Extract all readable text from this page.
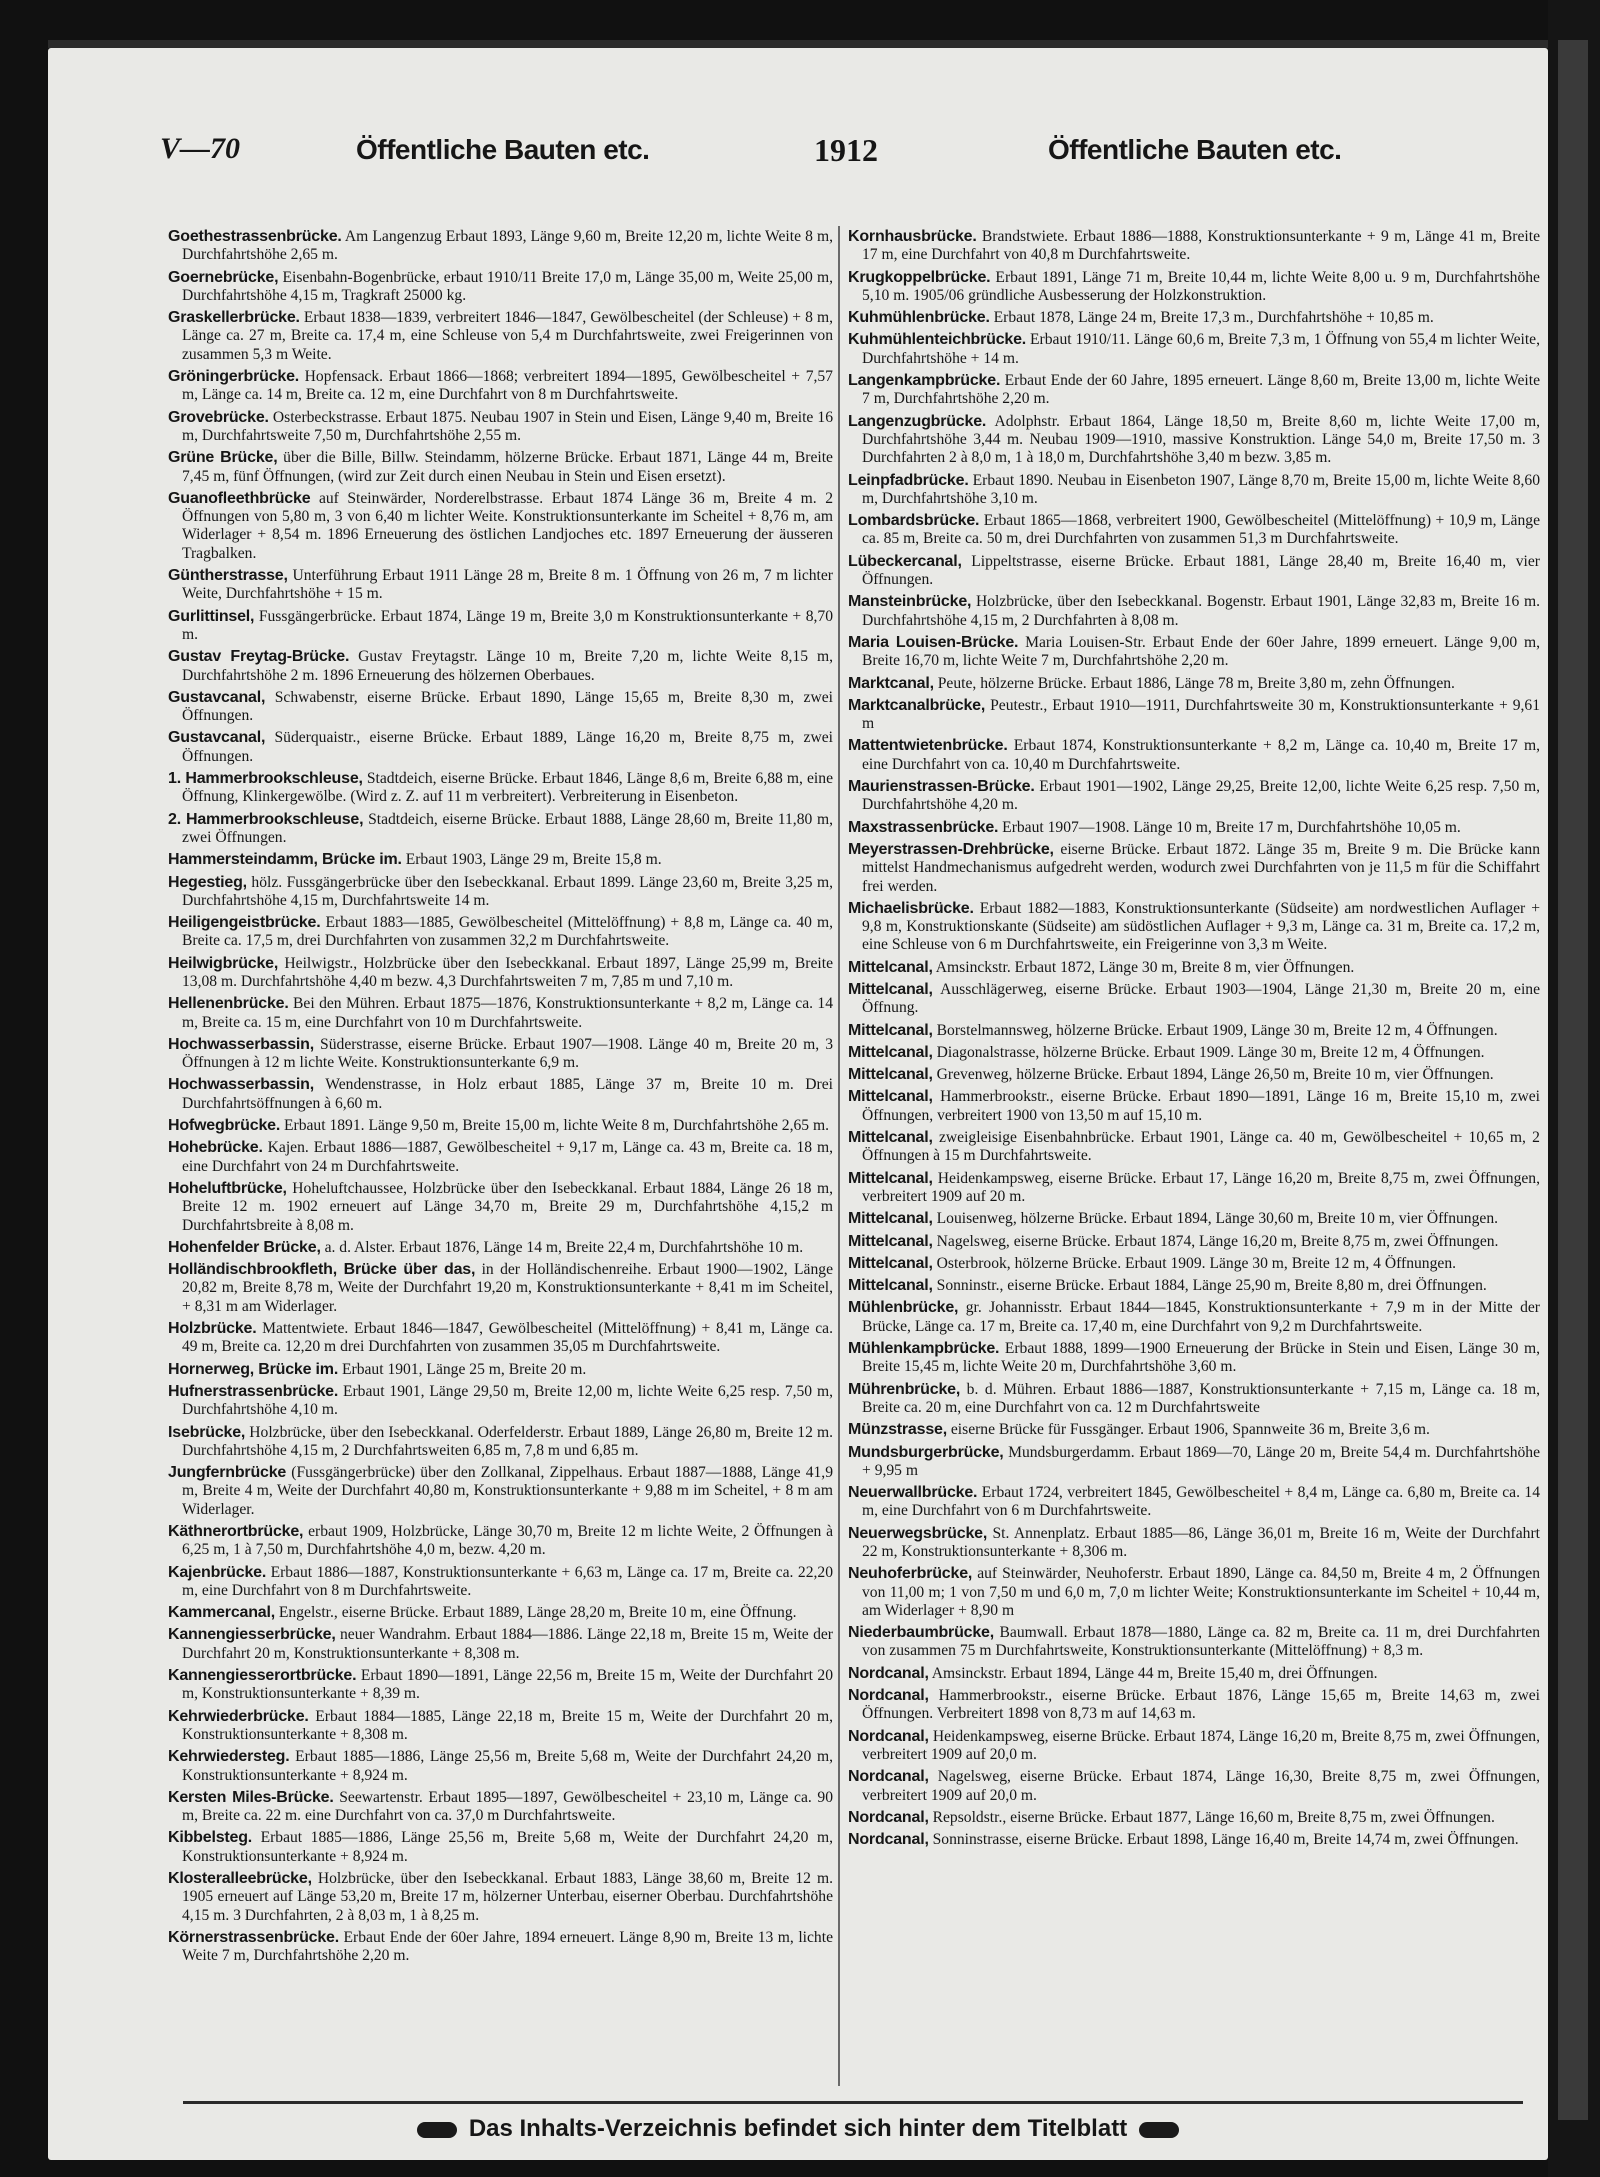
V—70	Öffentliche Bauten etc.	1912	Öffentliche Bauten etc.

Goethestrassenbrücke. Am Langenzug Erbaut 1893, Länge 9,60 m, Breite 12,20 m, lichte Weite 8 m, Durchfahrtshöhe 2,65 m.

Goernebrücke, Eisenbahn-Bogenbrücke, erbaut 1910/11 Breite 17,0 m, Länge 35,00 m, Weite 25,00 m, Durchfahrtshöhe 4,15 m, Tragkraft 25000 kg.

Graskellerbrücke. Erbaut 1838—1839, verbreitert 1846—1847, Gewölbescheitel (der Schleuse) + 8 m, Länge ca. 27 m, Breite ca. 17,4 m, eine Schleuse von 5,4 m Durchfahrtsweite, zwei Freigerinnen von zusammen 5,3 m Weite.

Gröningerbrücke. Hopfensack. Erbaut 1866—1868; verbreitert 1894—1895, Gewölbescheitel + 7,57 m, Länge ca. 14 m, Breite ca. 12 m, eine Durchfahrt von 8 m Durchfahrtsweite.

Grovebrücke. Osterbeckstrasse. Erbaut 1875. Neubau 1907 in Stein und Eisen, Länge 9,40 m, Breite 16 m, Durchfahrtsweite 7,50 m, Durchfahrtshöhe 2,55 m.

Grüne Brücke, über die Bille, Billw. Steindamm, hölzerne Brücke. Erbaut 1871, Länge 44 m, Breite 7,45 m, fünf Öffnungen, (wird zur Zeit durch einen Neubau in Stein und Eisen ersetzt).

Guanofleethbrücke auf Steinwärder, Norderelbstrasse. Erbaut 1874 Länge 36 m, Breite 4 m. 2 Öffnungen von 5,80 m, 3 von 6,40 m lichter Weite. Konstruktionsunterkante im Scheitel + 8,76 m, am Widerlager + 8,54 m. 1896 Erneuerung des östlichen Landjoches etc. 1897 Erneuerung der äusseren Tragbalken.

Güntherstrasse, Unterführung Erbaut 1911 Länge 28 m, Breite 8 m. 1 Öffnung von 26 m, 7 m lichter Weite, Durchfahrtshöhe + 15 m.

Gurlittinsel, Fussgängerbrücke. Erbaut 1874, Länge 19 m, Breite 3,0 m Konstruktionsunterkante + 8,70 m.

Gustav Freytag-Brücke. Gustav Freytagstr. Länge 10 m, Breite 7,20 m, lichte Weite 8,15 m, Durchfahrtshöhe 2 m. 1896 Erneuerung des hölzernen Oberbaues.

Gustavcanal, Schwabenstr, eiserne Brücke. Erbaut 1890, Länge 15,65 m, Breite 8,30 m, zwei Öffnungen.

Gustavcanal, Süderquaistr., eiserne Brücke. Erbaut 1889, Länge 16,20 m, Breite 8,75 m, zwei Öffnungen.

1. Hammerbrookschleuse, Stadtdeich, eiserne Brücke. Erbaut 1846, Länge 8,6 m, Breite 6,88 m, eine Öffnung, Klinkergewölbe. (Wird z. Z. auf 11 m verbreitert). Verbreiterung in Eisenbeton.

2. Hammerbrookschleuse, Stadtdeich, eiserne Brücke. Erbaut 1888, Länge 28,60 m, Breite 11,80 m, zwei Öffnungen.

Hammersteindamm, Brücke im. Erbaut 1903, Länge 29 m, Breite 15,8 m.

Hegestieg, hölz. Fussgängerbrücke über den Isebeckkanal. Erbaut 1899. Länge 23,60 m, Breite 3,25 m, Durchfahrtshöhe 4,15 m, Durchfahrtsweite 14 m.

Heiligengeistbrücke. Erbaut 1883—1885, Gewölbescheitel (Mittelöffnung) + 8,8 m, Länge ca. 40 m, Breite ca. 17,5 m, drei Durchfahrten von zusammen 32,2 m Durchfahrtsweite.

Heilwigbrücke, Heilwigstr., Holzbrücke über den Isebeckkanal. Erbaut 1897, Länge 25,99 m, Breite 13,08 m. Durchfahrtshöhe 4,40 m bezw. 4,3 Durchfahrtsweiten 7 m, 7,85 m und 7,10 m.

Hellenenbrücke. Bei den Mühren. Erbaut 1875—1876, Konstruktionsunterkante + 8,2 m, Länge ca. 14 m, Breite ca. 15 m, eine Durchfahrt von 10 m Durchfahrtsweite.

Hochwasserbassin, Süderstrasse, eiserne Brücke. Erbaut 1907—1908. Länge 40 m, Breite 20 m, 3 Öffnungen à 12 m lichte Weite. Konstruktionsunterkante 6,9 m.

Hochwasserbassin, Wendenstrasse, in Holz erbaut 1885, Länge 37 m, Breite 10 m. Drei Durchfahrtsöffnungen à 6,60 m.

Hofwegbrücke. Erbaut 1891. Länge 9,50 m, Breite 15,00 m, lichte Weite 8 m, Durchfahrtshöhe 2,65 m.

Hohebrücke. Kajen. Erbaut 1886—1887, Gewölbescheitel + 9,17 m, Länge ca. 43 m, Breite ca. 18 m, eine Durchfahrt von 24 m Durchfahrtsweite.

Hoheluftbrücke, Hoheluftchaussee, Holzbrücke über den Isebeckkanal. Erbaut 1884, Länge 26 18 m, Breite 12 m. 1902 erneuert auf Länge 34,70 m, Breite 29 m, Durchfahrtshöhe 4,15,2 m Durchfahrtsbreite à 8,08 m.

Hohenfelder Brücke, a. d. Alster. Erbaut 1876, Länge 14 m, Breite 22,4 m, Durchfahrtshöhe 10 m.

Holländischbrookfleth, Brücke über das, in der Holländischenreihe. Erbaut 1900—1902, Länge 20,82 m, Breite 8,78 m, Weite der Durchfahrt 19,20 m, Konstruktionsunterkante + 8,41 m im Scheitel, + 8,31 m am Widerlager.

Holzbrücke. Mattentwiete. Erbaut 1846—1847, Gewölbescheitel (Mittelöffnung) + 8,41 m, Länge ca. 49 m, Breite ca. 12,20 m drei Durchfahrten von zusammen 35,05 m Durchfahrtsweite.

Hornerweg, Brücke im. Erbaut 1901, Länge 25 m, Breite 20 m.

Hufnerstrassenbrücke. Erbaut 1901, Länge 29,50 m, Breite 12,00 m, lichte Weite 6,25 resp. 7,50 m, Durchfahrtshöhe 4,10 m.

Isebrücke, Holzbrücke, über den Isebeckkanal. Oderfelderstr. Erbaut 1889, Länge 26,80 m, Breite 12 m. Durchfahrtshöhe 4,15 m, 2 Durchfahrtsweiten 6,85 m, 7,8 m und 6,85 m.

Jungfernbrücke (Fussgängerbrücke) über den Zollkanal, Zippelhaus. Erbaut 1887—1888, Länge 41,9 m, Breite 4 m, Weite der Durchfahrt 40,80 m, Konstruktionsunterkante + 9,88 m im Scheitel, + 8 m am Widerlager.

Käthnerortbrücke, erbaut 1909, Holzbrücke, Länge 30,70 m, Breite 12 m lichte Weite, 2 Öffnungen à 6,25 m, 1 à 7,50 m, Durchfahrtshöhe 4,0 m, bezw. 4,20 m.

Kajenbrücke. Erbaut 1886—1887, Konstruktionsunterkante + 6,63 m, Länge ca. 17 m, Breite ca. 22,20 m, eine Durchfahrt von 8 m Durchfahrtsweite.

Kammercanal, Engelstr., eiserne Brücke. Erbaut 1889, Länge 28,20 m, Breite 10 m, eine Öffnung.

Kannengiesserbrücke, neuer Wandrahm. Erbaut 1884—1886. Länge 22,18 m, Breite 15 m, Weite der Durchfahrt 20 m, Konstruktionsunterkante + 8,308 m.

Kannengiesserortbrücke. Erbaut 1890—1891, Länge 22,56 m, Breite 15 m, Weite der Durchfahrt 20 m, Konstruktionsunterkante + 8,39 m.

Kehrwiederbrücke. Erbaut 1884—1885, Länge 22,18 m, Breite 15 m, Weite der Durchfahrt 20 m, Konstruktionsunterkante + 8,308 m.

Kehrwiedersteg. Erbaut 1885—1886, Länge 25,56 m, Breite 5,68 m, Weite der Durchfahrt 24,20 m, Konstruktionsunterkante + 8,924 m.

Kersten Miles-Brücke. Seewartenstr. Erbaut 1895—1897, Gewölbescheitel + 23,10 m, Länge ca. 90 m, Breite ca. 22 m. eine Durchfahrt von ca. 37,0 m Durchfahrtsweite.

Kibbelsteg. Erbaut 1885—1886, Länge 25,56 m, Breite 5,68 m, Weite der Durchfahrt 24,20 m, Konstruktionsunterkante + 8,924 m.

Klosteralleebrücke, Holzbrücke, über den Isebeckkanal. Erbaut 1883, Länge 38,60 m, Breite 12 m. 1905 erneuert auf Länge 53,20 m, Breite 17 m, hölzerner Unterbau, eiserner Oberbau. Durchfahrtshöhe 4,15 m. 3 Durchfahrten, 2 à 8,03 m, 1 à 8,25 m.

Körnerstrassenbrücke. Erbaut Ende der 60er Jahre, 1894 erneuert. Länge 8,90 m, Breite 13 m, lichte Weite 7 m, Durchfahrtshöhe 2,20 m.

Kornhausbrücke. Brandstwiete. Erbaut 1886—1888, Konstruktionsunterkante + 9 m, Länge 41 m, Breite 17 m, eine Durchfahrt von 40,8 m Durchfahrtsweite.

Krugkoppelbrücke. Erbaut 1891, Länge 71 m, Breite 10,44 m, lichte Weite 8,00 u. 9 m, Durchfahrtshöhe 5,10 m. 1905/06 gründliche Ausbesserung der Holzkonstruktion.

Kuhmühlenbrücke. Erbaut 1878, Länge 24 m, Breite 17,3 m., Durchfahrtshöhe + 10,85 m.

Kuhmühlenteichbrücke. Erbaut 1910/11. Länge 60,6 m, Breite 7,3 m, 1 Öffnung von 55,4 m lichter Weite, Durchfahrtshöhe + 14 m.

Langenkampbrücke. Erbaut Ende der 60 Jahre, 1895 erneuert. Länge 8,60 m, Breite 13,00 m, lichte Weite 7 m, Durchfahrtshöhe 2,20 m.

Langenzugbrücke. Adolphstr. Erbaut 1864, Länge 18,50 m, Breite 8,60 m, lichte Weite 17,00 m, Durchfahrtshöhe 3,44 m. Neubau 1909—1910, massive Konstruktion. Länge 54,0 m, Breite 17,50 m. 3 Durchfahrten 2 à 8,0 m, 1 à 18,0 m, Durchfahrtshöhe 3,40 m bezw. 3,85 m.

Leinpfadbrücke. Erbaut 1890. Neubau in Eisenbeton 1907, Länge 8,70 m, Breite 15,00 m, lichte Weite 8,60 m, Durchfahrtshöhe 3,10 m.

Lombardsbrücke. Erbaut 1865—1868, verbreitert 1900, Gewölbescheitel (Mittelöffnung) + 10,9 m, Länge ca. 85 m, Breite ca. 50 m, drei Durchfahrten von zusammen 51,3 m Durchfahrtsweite.

Lübeckercanal, Lippeltstrasse, eiserne Brücke. Erbaut 1881, Länge 28,40 m, Breite 16,40 m, vier Öffnungen.

Mansteinbrücke, Holzbrücke, über den Isebeckkanal. Bogenstr. Erbaut 1901, Länge 32,83 m, Breite 16 m. Durchfahrtshöhe 4,15 m, 2 Durchfahrten à 8,08 m.

Maria Louisen-Brücke. Maria Louisen-Str. Erbaut Ende der 60er Jahre, 1899 erneuert. Länge 9,00 m, Breite 16,70 m, lichte Weite 7 m, Durchfahrtshöhe 2,20 m.

Marktcanal, Peute, hölzerne Brücke. Erbaut 1886, Länge 78 m, Breite 3,80 m, zehn Öffnungen.

Marktcanalbrücke, Peutestr., Erbaut 1910—1911, Durchfahrtsweite 30 m, Konstruktionsunterkante + 9,61 m

Mattentwietenbrücke. Erbaut 1874, Konstruktionsunterkante + 8,2 m, Länge ca. 10,40 m, Breite 17 m, eine Durchfahrt von ca. 10,40 m Durchfahrtsweite.

Maurienstrassen-Brücke. Erbaut 1901—1902, Länge 29,25, Breite 12,00, lichte Weite 6,25 resp. 7,50 m, Durchfahrtshöhe 4,20 m.

Maxstrassenbrücke. Erbaut 1907—1908. Länge 10 m, Breite 17 m, Durchfahrtshöhe 10,05 m.

Meyerstrassen-Drehbrücke, eiserne Brücke. Erbaut 1872. Länge 35 m, Breite 9 m. Die Brücke kann mittelst Handmechanismus aufgedreht werden, wodurch zwei Durchfahrten von je 11,5 m für die Schiffahrt frei werden.

Michaelisbrücke. Erbaut 1882—1883, Konstruktionsunterkante (Südseite) am nordwestlichen Auflager + 9,8 m, Konstruktionskante (Südseite) am südöstlichen Auflager + 9,3 m, Länge ca. 31 m, Breite ca. 17,2 m, eine Schleuse von 6 m Durchfahrtsweite, ein Freigerinne von 3,3 m Weite.

Mittelcanal, Amsinckstr. Erbaut 1872, Länge 30 m, Breite 8 m, vier Öffnungen.

Mittelcanal, Ausschlägerweg, eiserne Brücke. Erbaut 1903—1904, Länge 21,30 m, Breite 20 m, eine Öffnung.

Mittelcanal, Borstelmannsweg, hölzerne Brücke. Erbaut 1909, Länge 30 m, Breite 12 m, 4 Öffnungen.

Mittelcanal, Diagonalstrasse, hölzerne Brücke. Erbaut 1909. Länge 30 m, Breite 12 m, 4 Öffnungen.

Mittelcanal, Grevenweg, hölzerne Brücke. Erbaut 1894, Länge 26,50 m, Breite 10 m, vier Öffnungen.

Mittelcanal, Hammerbrookstr., eiserne Brücke. Erbaut 1890—1891, Länge 16 m, Breite 15,10 m, zwei Öffnungen, verbreitert 1900 von 13,50 m auf 15,10 m.

Mittelcanal, zweigleisige Eisenbahnbrücke. Erbaut 1901, Länge ca. 40 m, Gewölbescheitel + 10,65 m, 2 Öffnungen à 15 m Durchfahrtsweite.

Mittelcanal, Heidenkampsweg, eiserne Brücke. Erbaut 17, Länge 16,20 m, Breite 8,75 m, zwei Öffnungen, verbreitert 1909 auf 20 m.

Mittelcanal, Louisenweg, hölzerne Brücke. Erbaut 1894, Länge 30,60 m, Breite 10 m, vier Öffnungen.

Mittelcanal, Nagelsweg, eiserne Brücke. Erbaut 1874, Länge 16,20 m, Breite 8,75 m, zwei Öffnungen.

Mittelcanal, Osterbrook, hölzerne Brücke. Erbaut 1909. Länge 30 m, Breite 12 m, 4 Öffnungen.

Mittelcanal, Sonninstr., eiserne Brücke. Erbaut 1884, Länge 25,90 m, Breite 8,80 m, drei Öffnungen.

Mühlenbrücke, gr. Johannisstr. Erbaut 1844—1845, Konstruktionsunterkante + 7,9 m in der Mitte der Brücke, Länge ca. 17 m, Breite ca. 17,40 m, eine Durchfahrt von 9,2 m Durchfahrtsweite.

Mühlenkampbrücke. Erbaut 1888, 1899—1900 Erneuerung der Brücke in Stein und Eisen, Länge 30 m, Breite 15,45 m, lichte Weite 20 m, Durchfahrtshöhe 3,60 m.

Mührenbrücke, b. d. Mühren. Erbaut 1886—1887, Konstruktionsunterkante + 7,15 m, Länge ca. 18 m, Breite ca. 20 m, eine Durchfahrt von ca. 12 m Durchfahrtsweite

Münzstrasse, eiserne Brücke für Fussgänger. Erbaut 1906, Spannweite 36 m, Breite 3,6 m.

Mundsburgerbrücke, Mundsburgerdamm. Erbaut 1869—70, Länge 20 m, Breite 54,4 m. Durchfahrtshöhe + 9,95 m

Neuerwallbrücke. Erbaut 1724, verbreitert 1845, Gewölbescheitel + 8,4 m, Länge ca. 6,80 m, Breite ca. 14 m, eine Durchfahrt von 6 m Durchfahrtsweite.

Neuerwegsbrücke, St. Annenplatz. Erbaut 1885—86, Länge 36,01 m, Breite 16 m, Weite der Durchfahrt 22 m, Konstruktionsunterkante + 8,306 m.

Neuhoferbrücke, auf Steinwärder, Neuhoferstr. Erbaut 1890, Länge ca. 84,50 m, Breite 4 m, 2 Öffnungen von 11,00 m; 1 von 7,50 m und 6,0 m, 7,0 m lichter Weite; Konstruktionsunterkante im Scheitel + 10,44 m, am Widerlager + 8,90 m

Niederbaumbrücke, Baumwall. Erbaut 1878—1880, Länge ca. 82 m, Breite ca. 11 m, drei Durchfahrten von zusammen 75 m Durchfahrtsweite, Konstruktionsunterkante (Mittelöffnung) + 8,3 m.

Nordcanal, Amsinckstr. Erbaut 1894, Länge 44 m, Breite 15,40 m, drei Öffnungen.

Nordcanal, Hammerbrookstr., eiserne Brücke. Erbaut 1876, Länge 15,65 m, Breite 14,63 m, zwei Öffnungen. Verbreitert 1898 von 8,73 m auf 14,63 m.

Nordcanal, Heidenkampsweg, eiserne Brücke. Erbaut 1874, Länge 16,20 m, Breite 8,75 m, zwei Öffnungen, verbreitert 1909 auf 20,0 m.

Nordcanal, Nagelsweg, eiserne Brücke. Erbaut 1874, Länge 16,30, Breite 8,75 m, zwei Öffnungen, verbreitert 1909 auf 20,0 m.

Nordcanal, Repsoldstr., eiserne Brücke. Erbaut 1877, Länge 16,60 m, Breite 8,75 m, zwei Öffnungen.

Nordcanal, Sonninstrasse, eiserne Brücke. Erbaut 1898, Länge 16,40 m, Breite 14,74 m, zwei Öffnungen.

Das Inhalts-Verzeichnis befindet sich hinter dem Titelblatt
